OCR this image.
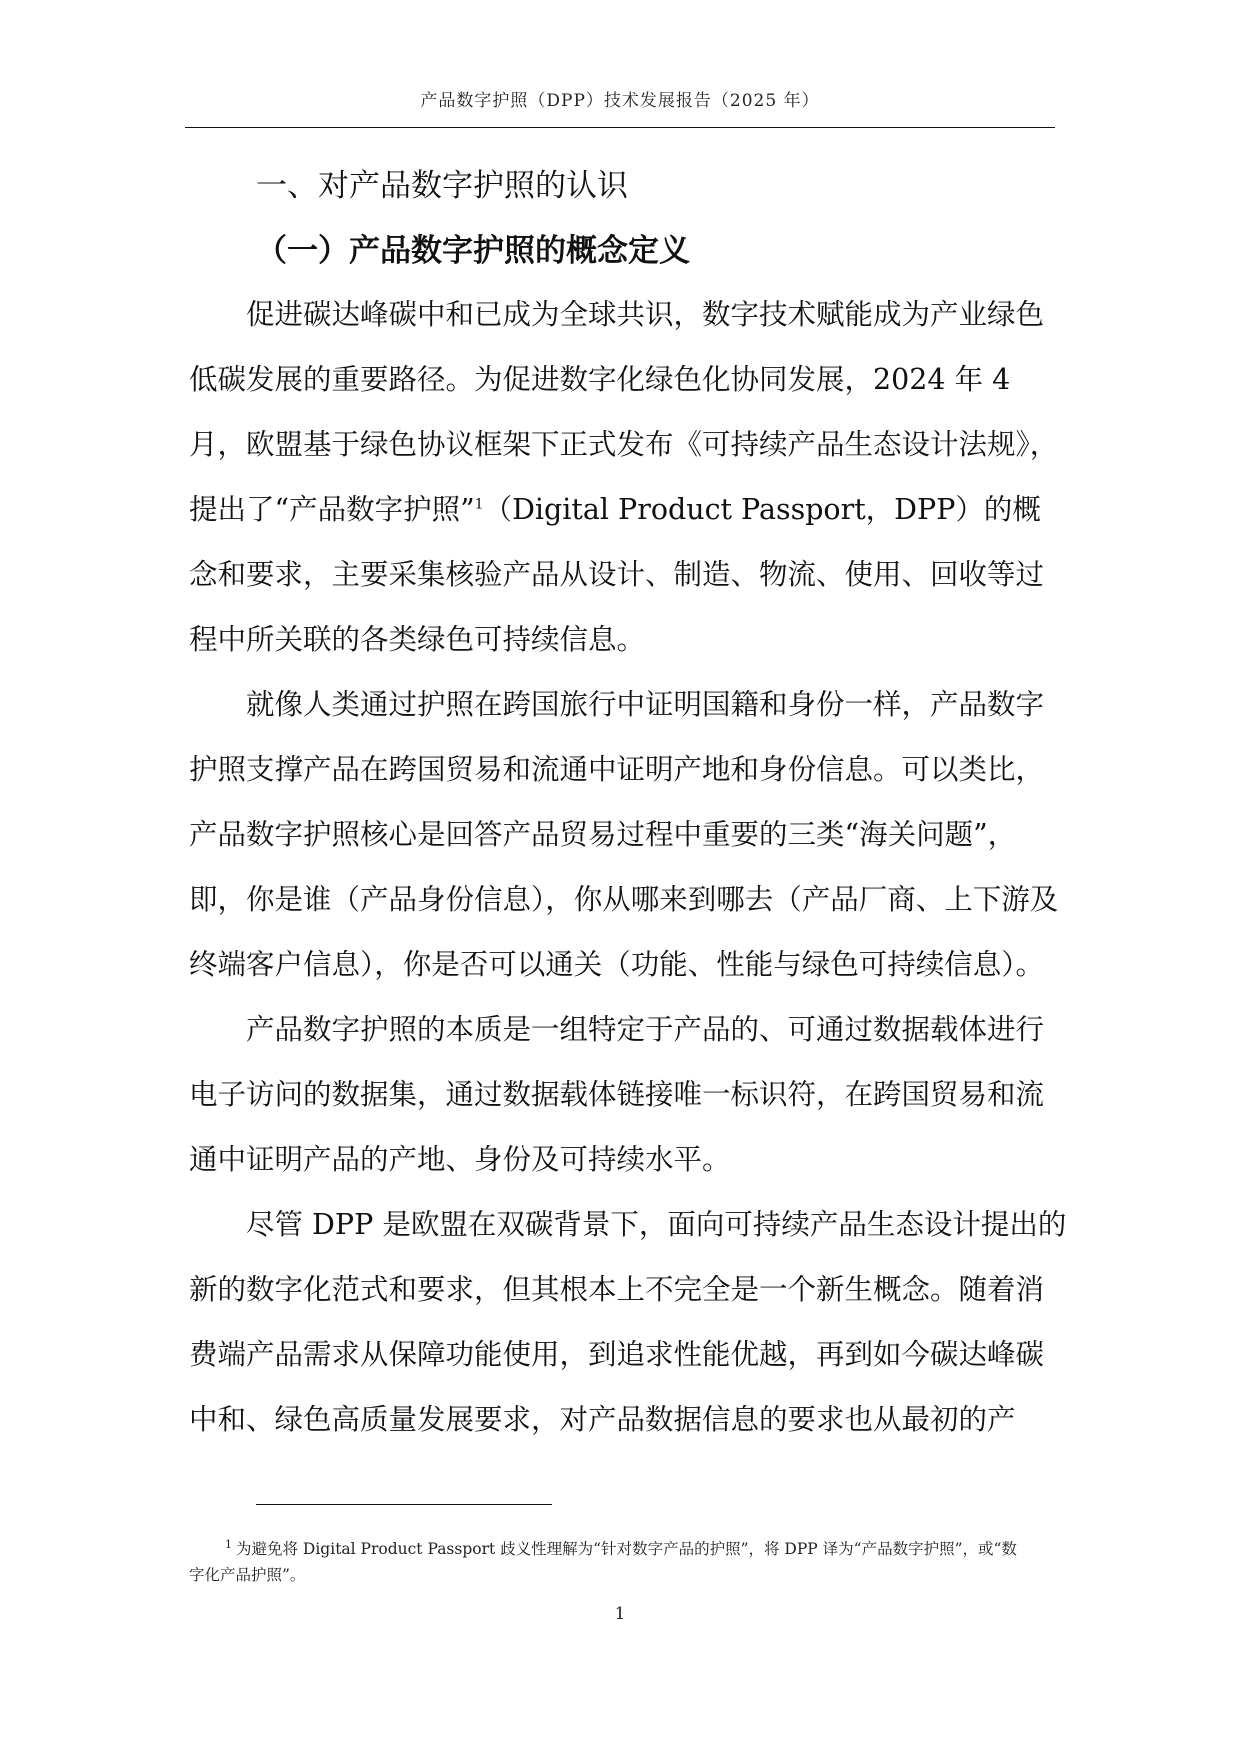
产品数字护照（DPP）技术发展报告（2025 年）
一、对产品数字护照的认识
（一）产品数字护照的概念定义

促进碳达峰碳中和已成为全球共识，数字技术赋能成为产业绿色低碳发展的重要路径。为促进数字化绿色化协同发展，2024 年 4 月，欧盟基于绿色协议框架下正式发布《可持续产品生态设计法规》，提出了“产品数字护照”$^1$（Digital Product Passport，DPP）的概念和要求，主要采集核验产品从设计、制造、物流、使用、回收等过程中所关联的各类绿色可持续信息。

就像人类通过护照在跨国旅行中证明国籍和身份一样，产品数字护照支撑产品在跨国贸易和流通中证明产地和身份信息。可以类比，产品数字护照核心是回答产品贸易过程中重要的三类“海关问题”，即，你是谁（产品身份信息），你从哪来到哪去（产品厂商、上下游及终端客户信息），你是否可以通关（功能、性能与绿色可持续信息）。

产品数字护照的本质是一组特定于产品的、可通过数据载体进行电子访问的数据集，通过数据载体链接唯一标识符，在跨国贸易和流通中证明产品的产地、身份及可持续水平。

尽管 DPP 是欧盟在双碳背景下，面向可持续产品生态设计提出的新的数字化范式和要求，但其根本上不完全是一个新生概念。随着消费端产品需求从保障功能使用，到追求性能优越，再到如今碳达峰碳中和、绿色高质量发展要求，对产品数据信息的要求也从最初的产

$^1$ 为避免将 Digital Product Passport 歧义性理解为“针对数字产品的护照”，将 DPP 译为“产品数字护照”，或“数字化产品护照”。
1
